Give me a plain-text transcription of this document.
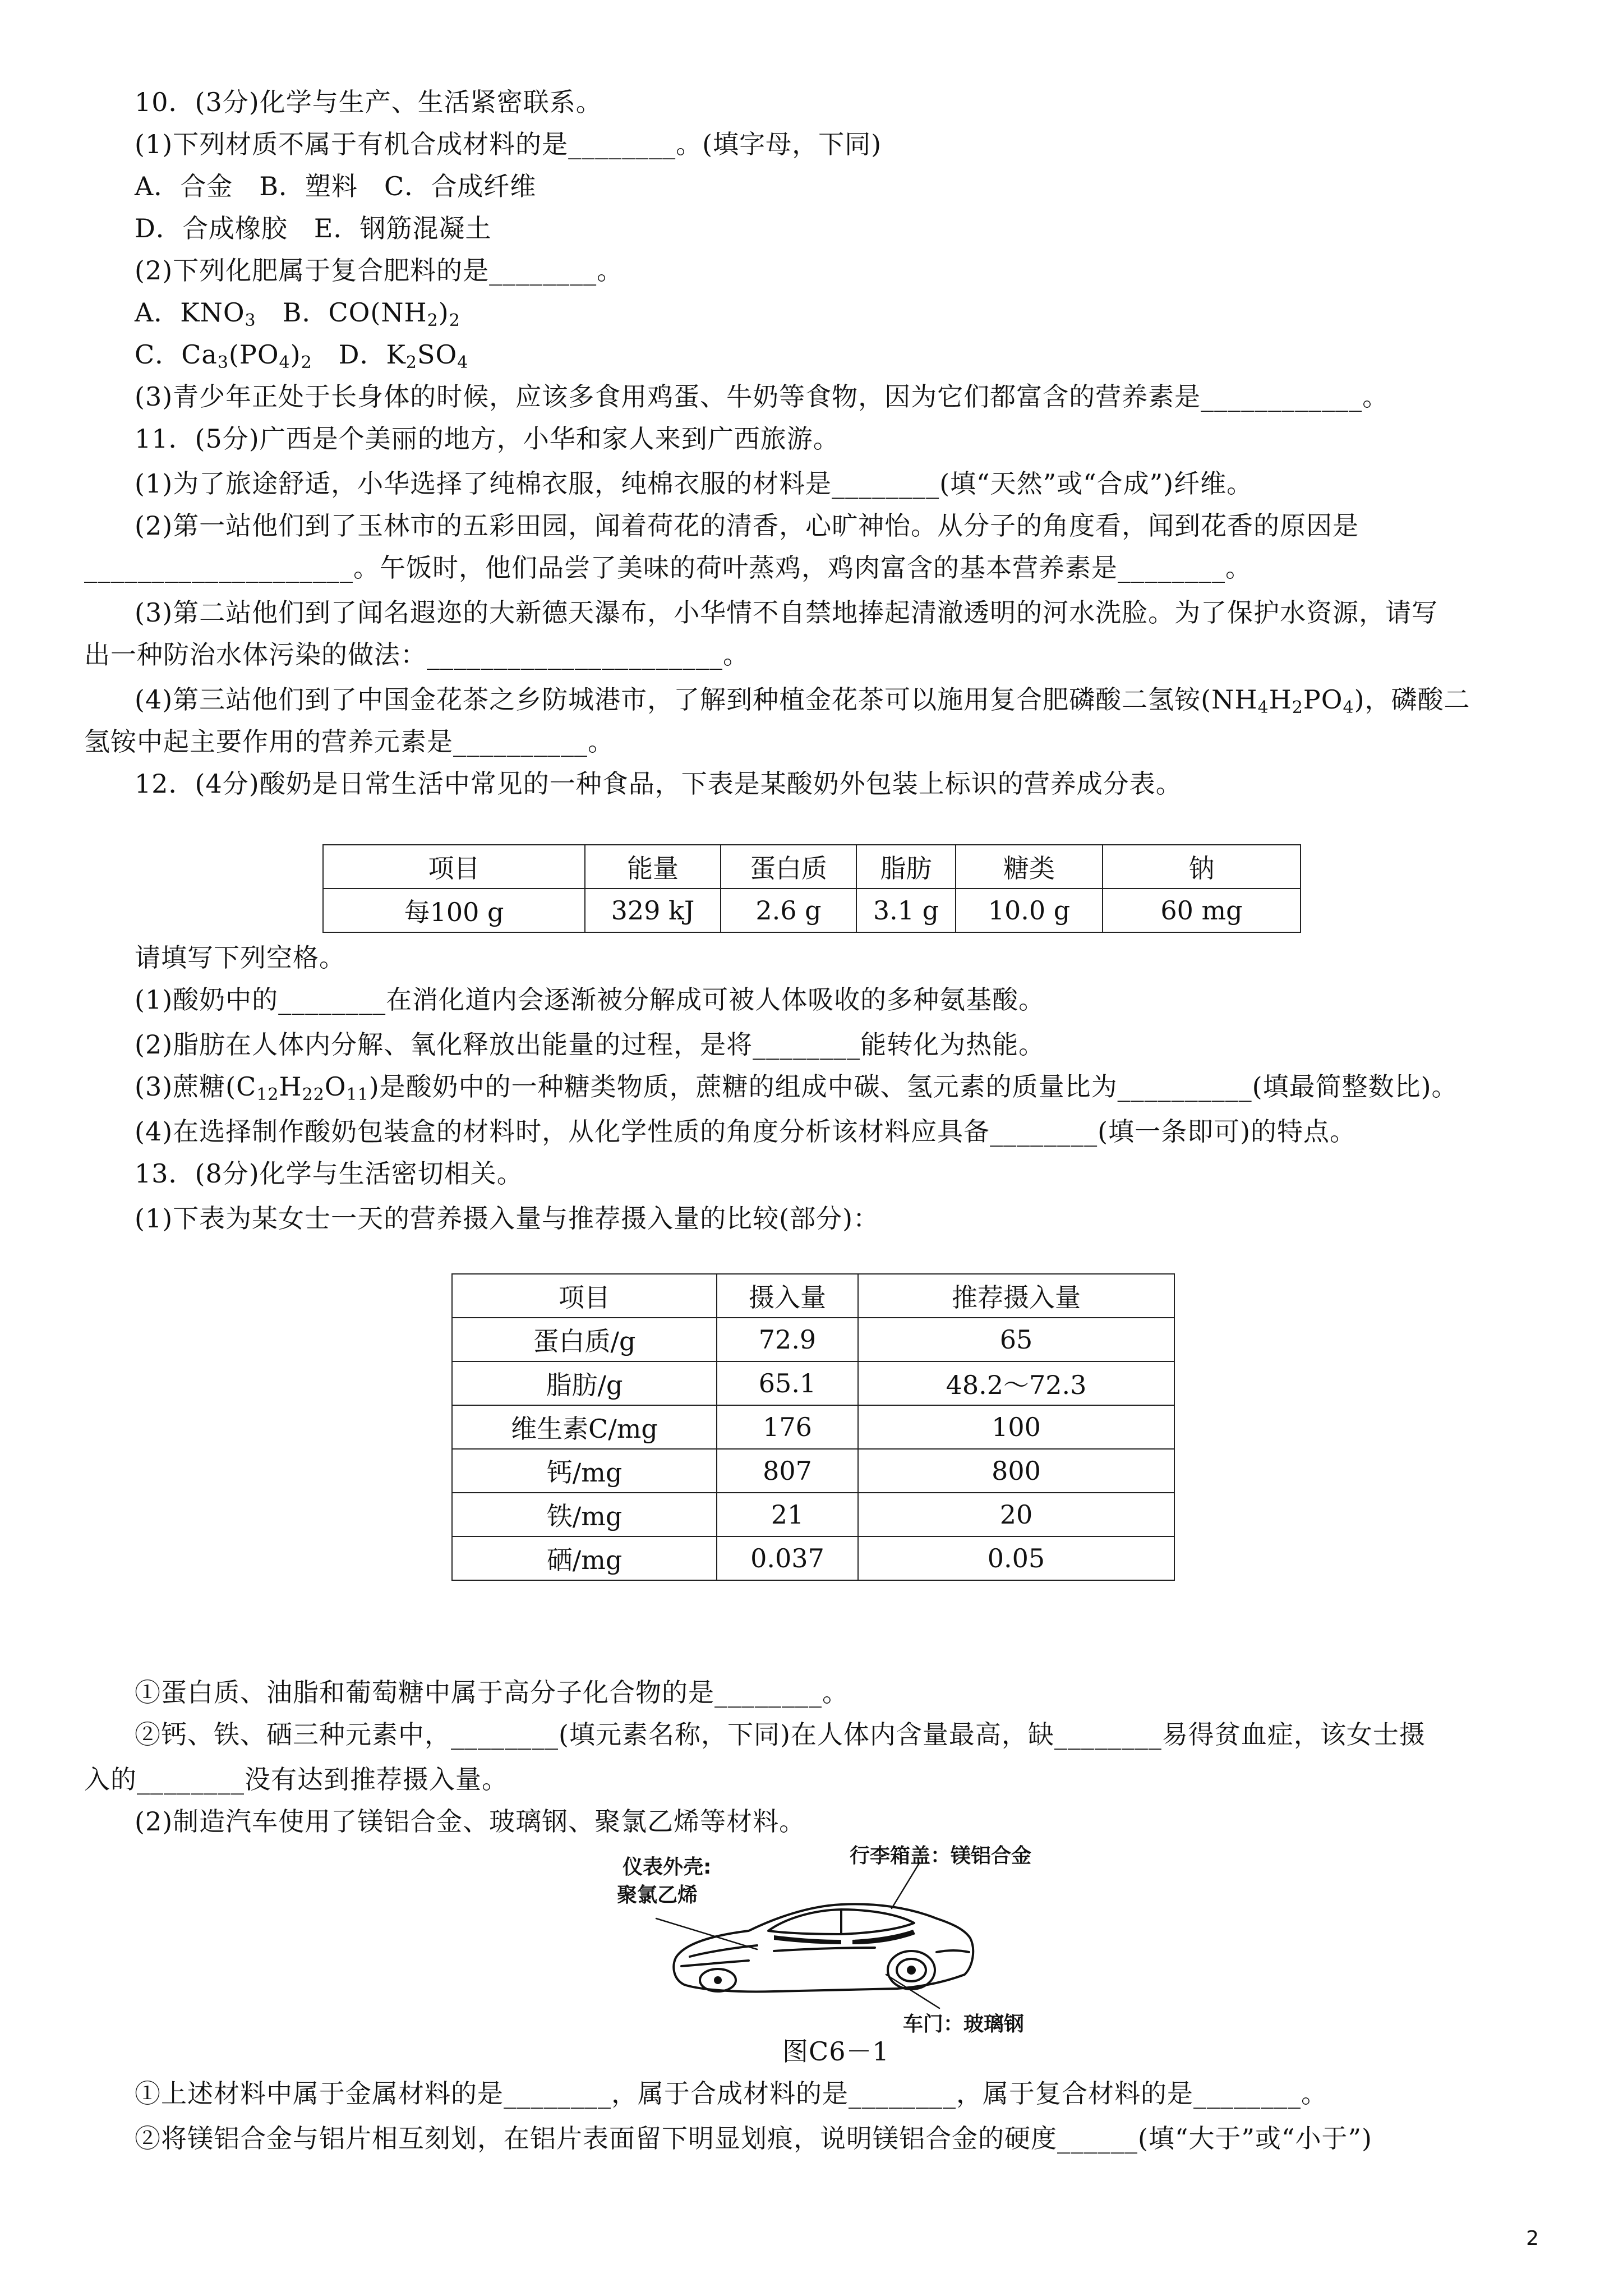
10．(3分)化学与生产、生活紧密联系。
(1)下列材质不属于有机合成材料的是________。(填字母，下同)
A．合金　B．塑料　C．合成纤维
D．合成橡胶　E．钢筋混凝土
(2)下列化肥属于复合肥料的是________。
A．$KNO_3$　B．$CO(NH_2)_2$
C．$Ca_3(PO_4)_2$　D．$K_2SO_4$
(3)青少年正处于长身体的时候，应该多食用鸡蛋、牛奶等食物，因为它们都富含的营养素是____________。
11．(5分)广西是个美丽的地方，小华和家人来到广西旅游。
(1)为了旅途舒适，小华选择了纯棉衣服，纯棉衣服的材料是________(填“天然”或“合成”)纤维。
(2)第一站他们到了玉林市的五彩田园，闻着荷花的清香，心旷神怡。从分子的角度看，闻到花香的原因是
____________________。午饭时，他们品尝了美味的荷叶蒸鸡，鸡肉富含的基本营养素是________。
(3)第二站他们到了闻名遐迩的大新德天瀑布，小华情不自禁地捧起清澈透明的河水洗脸。为了保护水资源，请写
出一种防治水体污染的做法：______________________。
(4)第三站他们到了中国金花茶之乡防城港市，了解到种植金花茶可以施用复合肥磷酸二氢铵$(NH_4H_2PO_4)$，磷酸二
氢铵中起主要作用的营养元素是__________。
12．(4分)酸奶是日常生活中常见的一种食品，下表是某酸奶外包装上标识的营养成分表。
项目	能量	蛋白质	脂肪	糖类	钠
每100 g	329 kJ	2.6 g	3.1 g	10.0 g	60 mg
请填写下列空格。
(1)酸奶中的________在消化道内会逐渐被分解成可被人体吸收的多种氨基酸。
(2)脂肪在人体内分解、氧化释放出能量的过程，是将________能转化为热能。
(3)蔗糖$(C_{12}H_{22}O_{11})$是酸奶中的一种糖类物质，蔗糖的组成中碳、氢元素的质量比为__________(填最简整数比)。
(4)在选择制作酸奶包装盒的材料时，从化学性质的角度分析该材料应具备________(填一条即可)的特点。
13．(8分)化学与生活密切相关。
(1)下表为某女士一天的营养摄入量与推荐摄入量的比较(部分)：
项目	摄入量	推荐摄入量
蛋白质/g	72.9	65
脂肪/g	65.1	48.2～72.3
维生素C/mg	176	100
钙/mg	807	800
铁/mg	21	20
硒/mg	0.037	0.05
①蛋白质、油脂和葡萄糖中属于高分子化合物的是________。
②钙、铁、硒三种元素中，________(填元素名称，下同)在人体内含量最高，缺________易得贫血症，该女士摄
入的________没有达到推荐摄入量。
(2)制造汽车使用了镁铝合金、玻璃钢、聚氯乙烯等材料。
仪表外壳:
聚氯乙烯
行李箱盖：镁铝合金
车门：玻璃钢
图C6－1
①上述材料中属于金属材料的是________，属于合成材料的是________，属于复合材料的是________。
②将镁铝合金与铝片相互刻划，在铝片表面留下明显划痕，说明镁铝合金的硬度______(填“大于”或“小于”)
2
